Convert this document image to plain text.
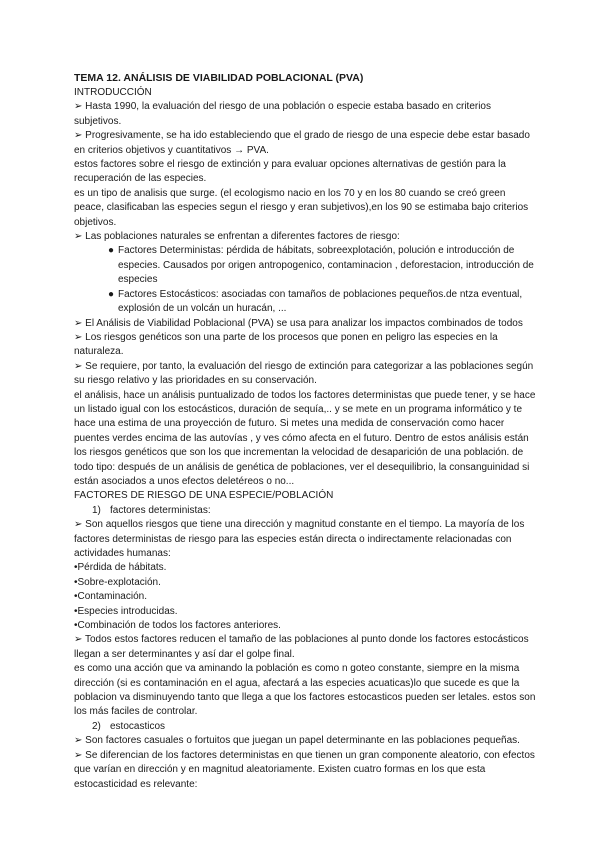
TEMA 12. ANÁLISIS DE VIABILIDAD POBLACIONAL (PVA)

INTRODUCCIÓN

➢ Hasta 1990, la evaluación del riesgo de una población o especie estaba basado en criterios subjetivos.

➢ Progresivamente, se ha ido estableciendo que el grado de riesgo de una especie debe estar basado en criterios objetivos y cuantitativos → PVA.

estos factores sobre el riesgo de extinción y para evaluar opciones alternativas de gestión para la recuperación de las especies.

es un tipo de analisis que surge. (el ecologismo nacio en los 70 y en los 80 cuando se creó green peace, clasificaban las especies segun el riesgo y eran subjetivos),en los 90 se estimaba bajo criterios objetivos.

➢ Las poblaciones naturales se enfrentan a diferentes factores de riesgo:

● Factores Deterministas: pérdida de hábitats, sobreexplotación, polución e introducción de especies. Causados por origen antropogenico, contaminacion , deforestacion, introducción de especies

● Factores Estocásticos: asociadas con tamaños de poblaciones pequeños.de ntza eventual, explosión de un volcán un huracán, ...

➢ El Análisis de Viabilidad Poblacional (PVA) se usa para analizar los impactos combinados de todos

➢ Los riesgos genéticos son una parte de los procesos que ponen en peligro las especies en la naturaleza.

➢ Se requiere, por tanto, la evaluación del riesgo de extinción para categorizar a las poblaciones según su riesgo relativo y las prioridades en su conservación.

el análisis, hace un análisis puntualizado de todos los factores deterministas que puede tener, y se hace un listado igual con los estocásticos, duración de sequía,.. y se mete en un programa informático y te hace una estima de una proyección de futuro. Si metes una medida de conservación como hacer puentes verdes encima de las autovías , y ves cómo afecta en el futuro. Dentro de estos análisis están los riesgos genéticos que son los que incrementan la velocidad de desaparición de una población. de todo tipo: después de un análisis de genética de poblaciones, ver el desequilibrio, la consanguinidad si están asociados a unos efectos deletéreos o no...

FACTORES DE RIESGO DE UNA ESPECIE/POBLACIÓN

1) factores deterministas:

➢ Son aquellos riesgos que tiene una dirección y magnitud constante en el tiempo. La mayoría de los factores deterministas de riesgo para las especies están directa o indirectamente relacionadas con actividades humanas:

•Pérdida de hábitats.

•Sobre-explotación.

•Contaminación.

•Especies introducidas.

•Combinación de todos los factores anteriores.

➢ Todos estos factores reducen el tamaño de las poblaciones al punto donde los factores estocásticos llegan a ser determinantes y así dar el golpe final.

es como una acción que va aminando la población es como n goteo constante, siempre en la misma dirección (si es contaminación en el agua, afectará a las especies acuaticas)lo que sucede es que la poblacion va disminuyendo tanto que llega a que los factores estocasticos pueden ser letales. estos son los más faciles de controlar.

2) estocasticos

➢ Son factores casuales o fortuitos que juegan un papel determinante en las poblaciones pequeñas.

➢ Se diferencian de los factores deterministas en que tienen un gran componente aleatorio, con efectos que varían en dirección y en magnitud aleatoriamente. Existen cuatro formas en los que esta estocasticidad es relevante:
